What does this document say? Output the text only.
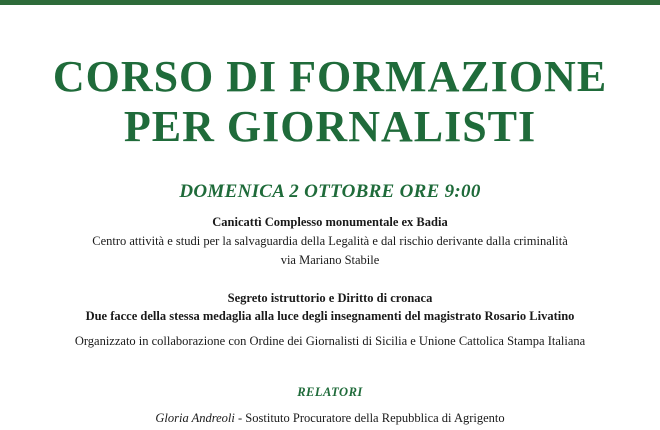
CORSO DI FORMAZIONE
PER GIORNALISTI
DOMENICA 2 OTTOBRE ORE 9:00
Canicattì Complesso monumentale ex Badia
Centro attività e studi per la salvaguardia della Legalità e dal rischio derivante dalla criminalità
via Mariano Stabile
Segreto istruttorio e Diritto di cronaca
Due facce della stessa medaglia alla luce degli insegnamenti del magistrato Rosario Livatino
Organizzato in collaborazione con Ordine dei Giornalisti di Sicilia e Unione Cattolica Stampa Italiana
RELATORI
Gloria Andreoli - Sostituto Procuratore della Repubblica di Agrigento
